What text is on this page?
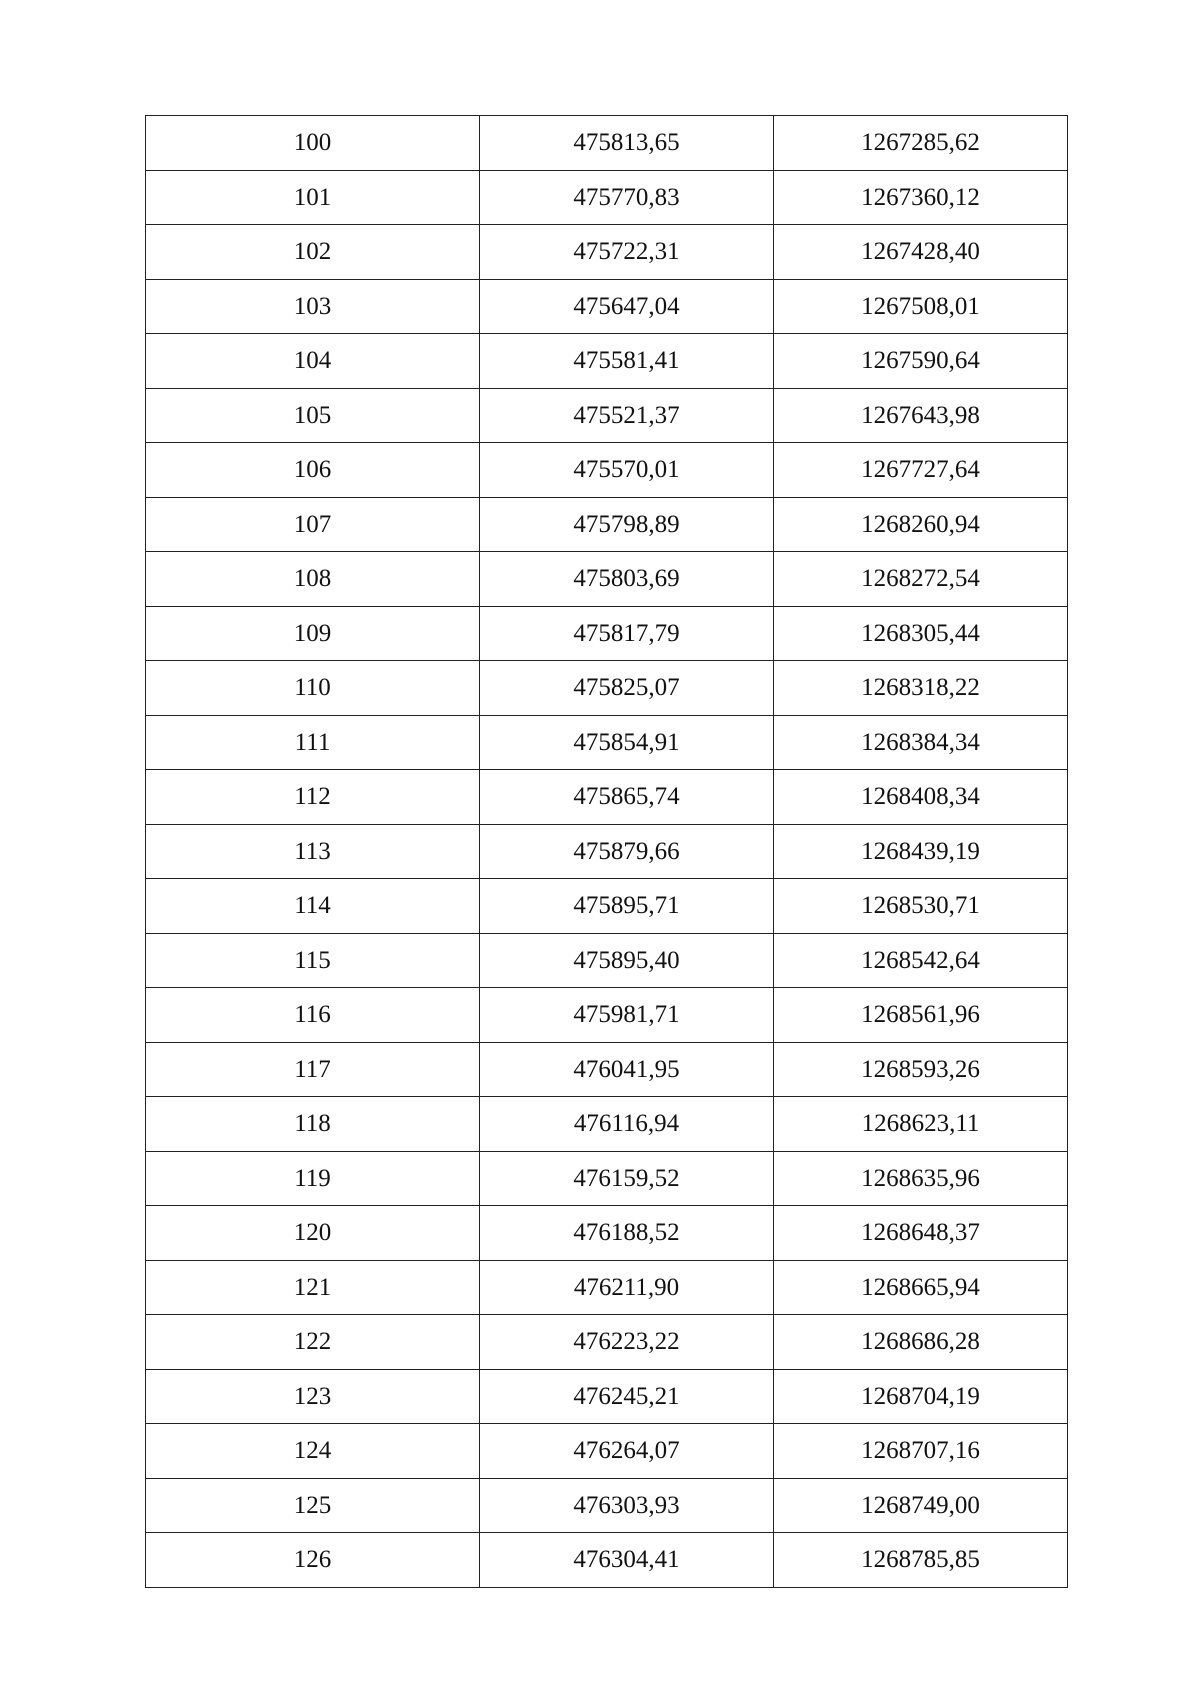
100	475813,65	1267285,62
101	475770,83	1267360,12
102	475722,31	1267428,40
103	475647,04	1267508,01
104	475581,41	1267590,64
105	475521,37	1267643,98
106	475570,01	1267727,64
107	475798,89	1268260,94
108	475803,69	1268272,54
109	475817,79	1268305,44
110	475825,07	1268318,22
111	475854,91	1268384,34
112	475865,74	1268408,34
113	475879,66	1268439,19
114	475895,71	1268530,71
115	475895,40	1268542,64
116	475981,71	1268561,96
117	476041,95	1268593,26
118	476116,94	1268623,11
119	476159,52	1268635,96
120	476188,52	1268648,37
121	476211,90	1268665,94
122	476223,22	1268686,28
123	476245,21	1268704,19
124	476264,07	1268707,16
125	476303,93	1268749,00
126	476304,41	1268785,85
